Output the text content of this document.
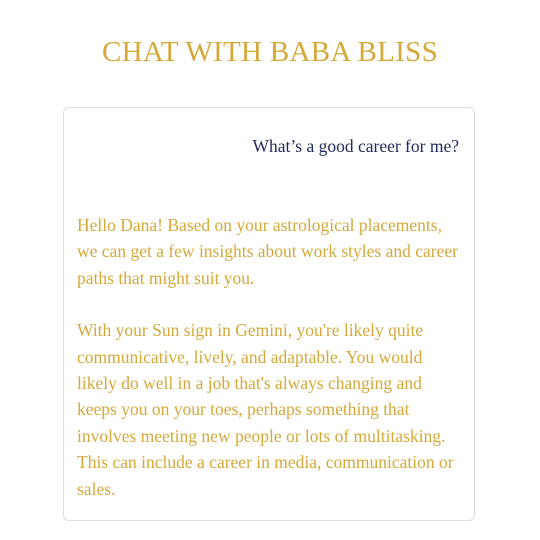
CHAT WITH BABA BLISS
What’s a good career for me?

Hello Dana! Based on your astrological placements, we can get a few insights about work styles and career paths that might suit you.

With your Sun sign in Gemini, you're likely quite communicative, lively, and adaptable. You would likely do well in a job that's always changing and keeps you on your toes, perhaps something that involves meeting new people or lots of multitasking. This can include a career in media, communication or sales.
